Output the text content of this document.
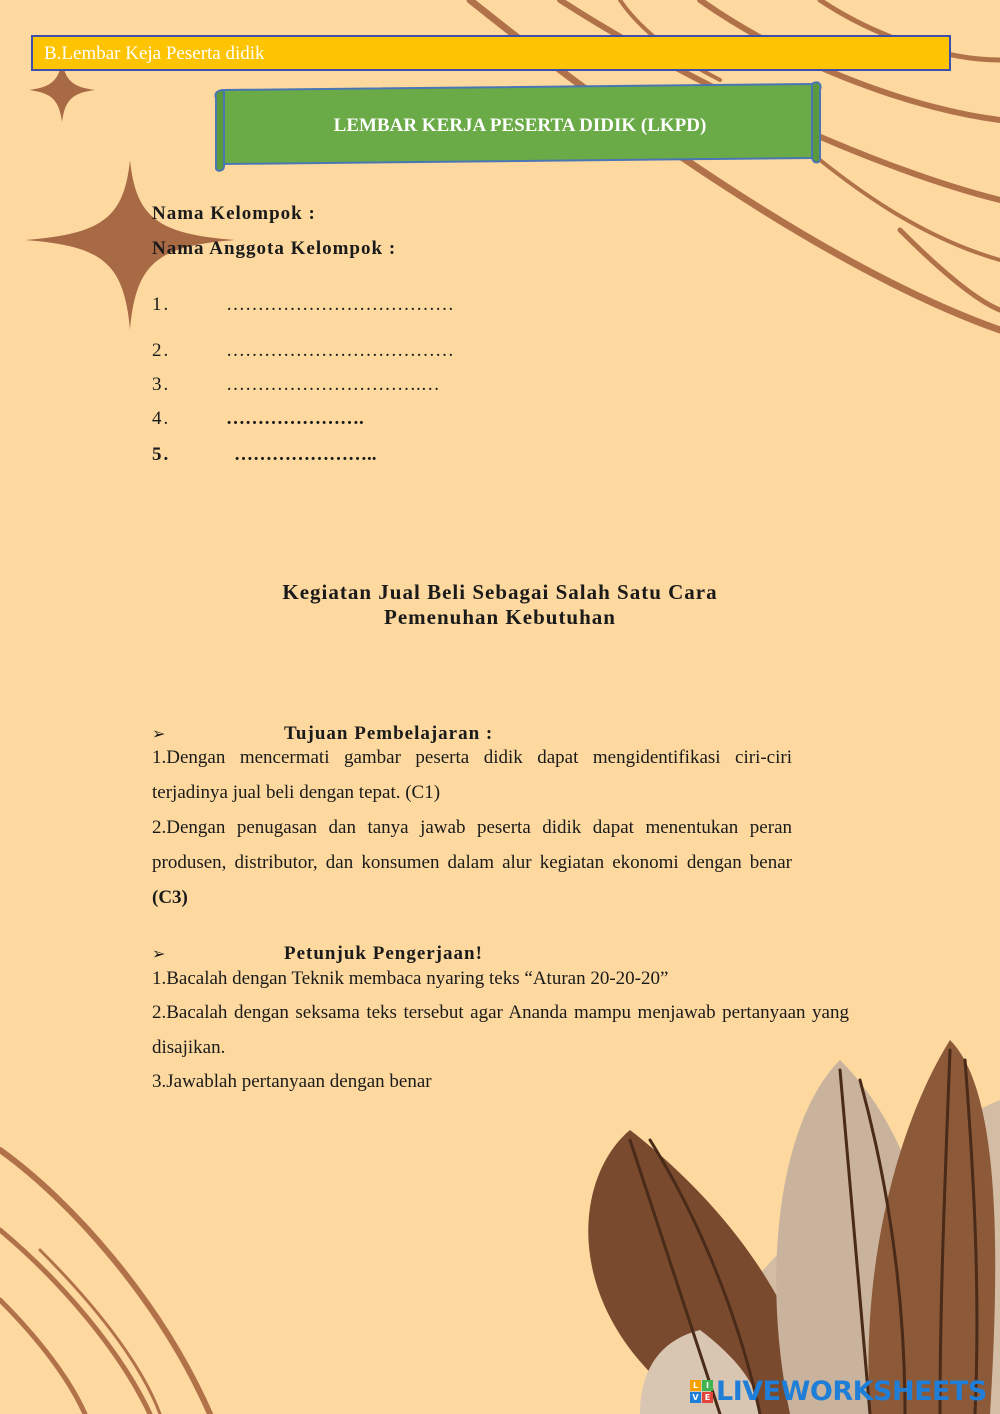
B.Lembar Keja Peserta didik
LEMBAR KERJA PESERTA DIDIK (LKPD)
Nama Kelompok :
Nama Anggota Kelompok :
1.	………………………………
2.	………………………………
3.	………………………….…
4.	………………….
5.	…………………..
Kegiatan Jual Beli Sebagai Salah Satu Cara
Pemenuhan Kebutuhan
➢	Tujuan Pembelajaran :
1.Dengan mencermati gambar peserta didik dapat mengidentifikasi ciri-ciri terjadinya jual beli dengan tepat. (C1)
2.Dengan penugasan dan tanya jawab peserta didik dapat menentukan peran produsen, distributor, dan konsumen dalam alur kegiatan ekonomi dengan benar (C3)
➢	Petunjuk Pengerjaan!
1.Bacalah dengan Teknik membaca nyaring teks “Aturan 20-20-20”
2.Bacalah dengan seksama teks tersebut agar Ananda mampu menjawab pertanyaan yang disajikan.
3.Jawablah pertanyaan dengan benar
L I
V E LIVEWORKSHEETS
